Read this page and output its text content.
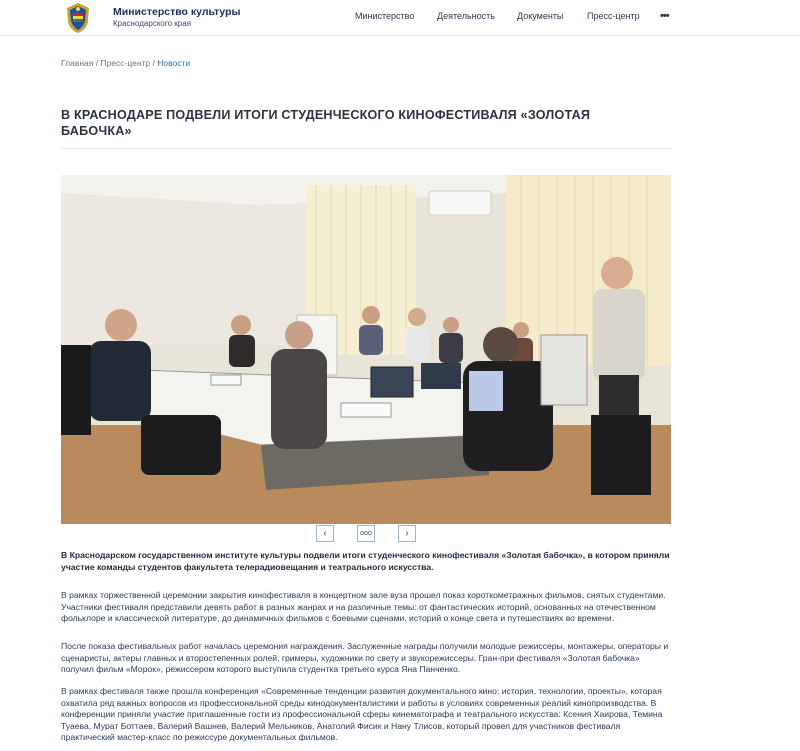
Министерство культуры
Краснодарского края
Министерство	Деятельность Документы	Пресс-центр •••
Главная / Пресс-центр / Новости
В КРАСНОДАРЕ ПОДВЕЛИ ИТОГИ СТУДЕНЧЕСКОГО КИНОФЕСТИВАЛЯ «ЗОЛОТАЯ БАБОЧКА»
‹	ooo	›

В Краснодарском государственном институте культуры подвели итоги студенческого кинофестиваля «Золотая бабочка», в котором приняли участие команды студентов факультета телерадиовещания и театрального искусства.

В рамках торжественной церемонии закрытия кинофестиваля в концертном зале вуза прошел показ короткометражных фильмов, снятых студентами. Участники фестиваля представили девять работ в разных жанрах и на различные темы: от фантастических историй, основанных на отечественном фольклоре и классической литературе, до динамичных фильмов с боевыми сценами, историй о конце света и путешествиях во времени.

После показа фестивальных работ началась церемония награждения. Заслуженные награды получили молодые режиссеры, монтажеры, операторы и сценаристы, актеры главных и второстепенных ролей, гримеры, художники по свету и звукорежиссеры. Гран-при фестиваля «Золотая бабочка» получил фильм «Морок», режиссером которого выступила студентка третьего курса Яна Панченко.

В рамках фестиваля также прошла конференция «Современные тенденции развития документального кино: история, технологии, проекты», которая охватила ряд важных вопросов из профессиональной среды кинодокументалистики и работы в условиях современных реалий кинопроизводства. В конференции приняли участие приглашенные гости из профессиональной сферы кинематографа и театрального искусства: Ксения Хаирова, Темина Туаева, Мурат Боттаев, Валерий Вашнев, Валерий Мельников, Анатолий Фисик и Нану Тлисов, который провел для участников фестиваля практический мастер-класс по режиссуре документальных фильмов.
